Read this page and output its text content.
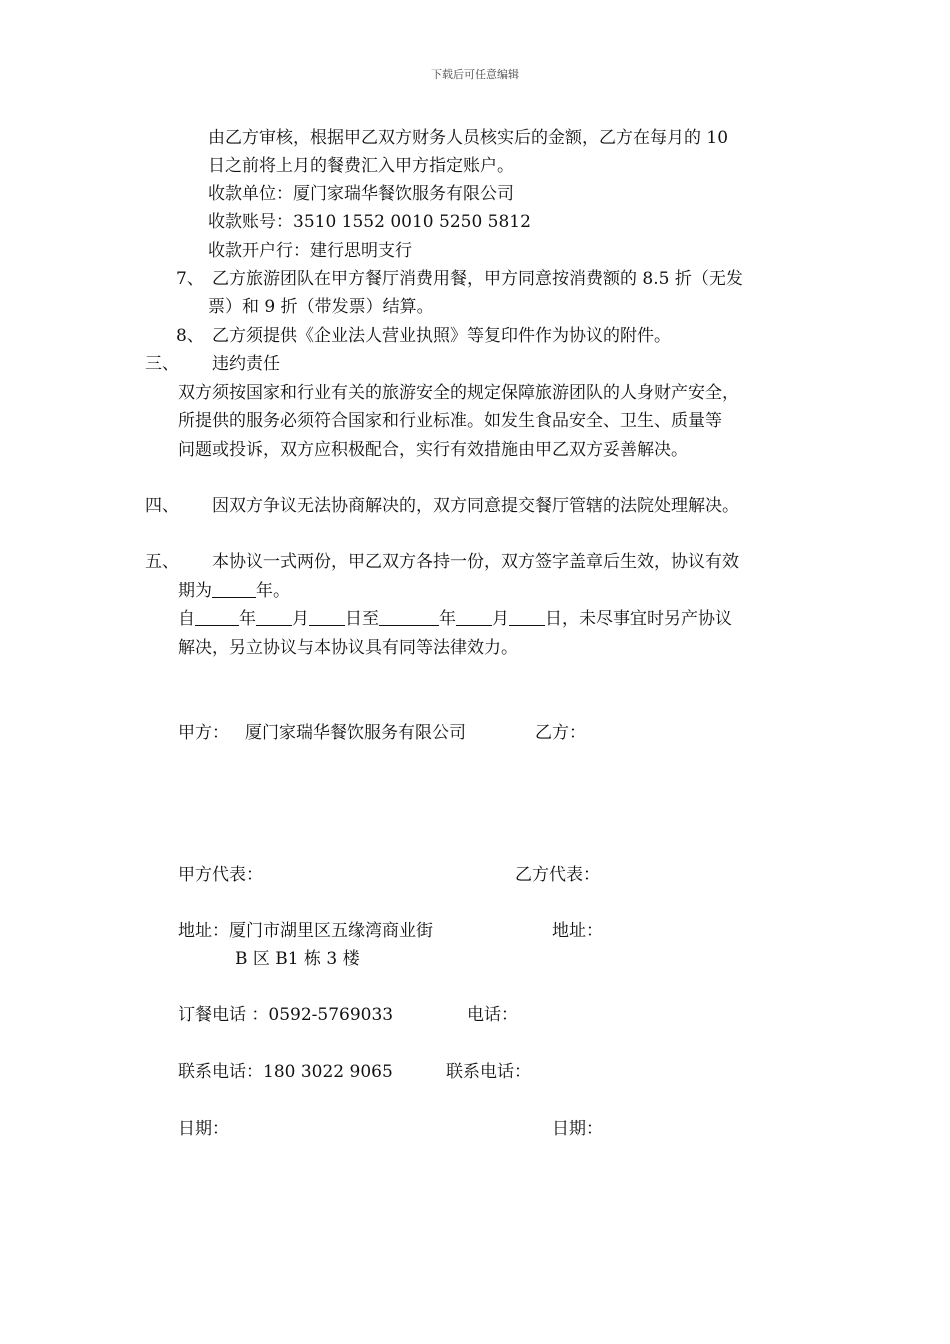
下载后可任意编辑
由乙方审核，根据甲乙双方财务人员核实后的金额，乙方在每月的 10
日之前将上月的餐费汇入甲方指定账户。
收款单位：厦门家瑞华餐饮服务有限公司
收款账号：3510 1552 0010 5250 5812
收款开户行：建行思明支行
7、 乙方旅游团队在甲方餐厅消费用餐，甲方同意按消费额的 8.5 折（无发
票）和 9 折（带发票）结算。
8、 乙方须提供《企业法人营业执照》等复印件作为协议的附件。
三、 违约责任
双方须按国家和行业有关的旅游安全的规定保障旅游团队的人身财产安全，
所提供的服务必须符合国家和行业标准。如发生食品安全、卫生、质量等
问题或投诉，双方应积极配合，实行有效措施由甲乙双方妥善解决。
四、 因双方争议无法协商解决的，双方同意提交餐厅管辖的法院处理解决。
五、 本协议一式两份，甲乙双方各持一份，双方签字盖章后生效，协议有效
期为	年。
自	年 月 日至	年 月 日，未尽事宜时另产协议
解决，另立协议与本协议具有同等法律效力。
甲方： 厦门家瑞华餐饮服务有限公司	乙方：
甲方代表：	乙方代表：
地址：厦门市湖里区五缘湾商业街
B 区 B1 栋 3 楼
地址：
订餐电话 ：0592-5769033	电话：
联系电话：180 3022 9065	联系电话：
日期：	日期：
